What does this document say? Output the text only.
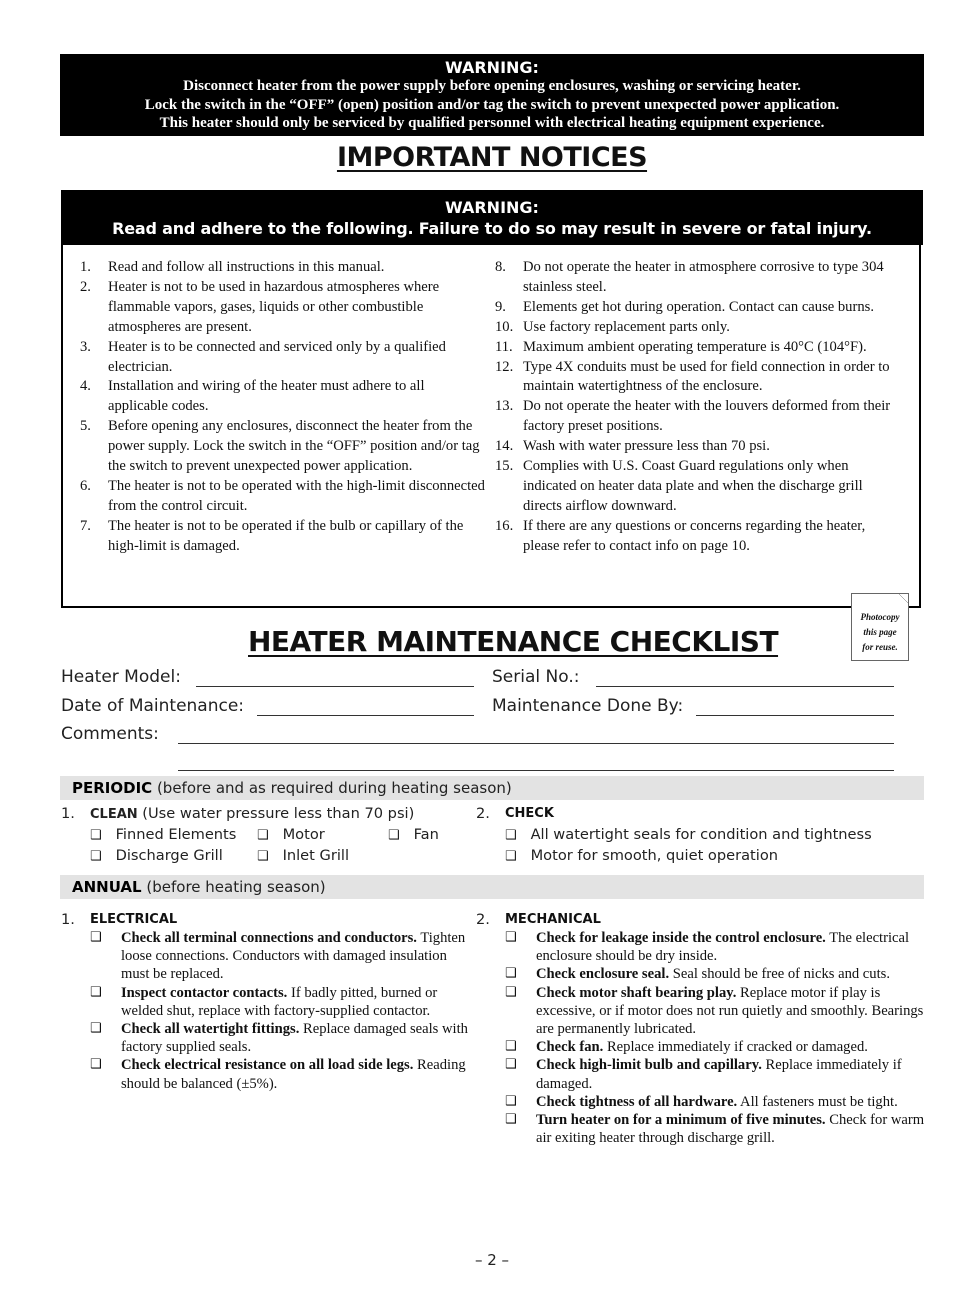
WARNING:
Disconnect heater from the power supply before opening enclosures, washing or servicing heater.
Lock the switch in the “OFF” (open) position and/or tag the switch to prevent unexpected power application.
This heater should only be serviced by qualified personnel with electrical heating equipment experience.
IMPORTANT NOTICES
WARNING:
Read and adhere to the following. Failure to do so may result in severe or fatal injury.
1. Read and follow all instructions in this manual.
2. Heater is not to be used in hazardous atmospheres where flammable vapors, gases, liquids or other combustible atmospheres are present.
3. Heater is to be connected and serviced only by a qualified electrician.
4. Installation and wiring of the heater must adhere to all applicable codes.
5. Before opening any enclosures, disconnect the heater from the power supply. Lock the switch in the “OFF” position and/or tag the switch to prevent unexpected power application.
6. The heater is not to be operated with the high-limit disconnected from the control circuit.
7. The heater is not to be operated if the bulb or capillary of the high-limit is damaged.
8. Do not operate the heater in atmosphere corrosive to type 304 stainless steel.
9. Elements get hot during operation. Contact can cause burns.
10. Use factory replacement parts only.
11. Maximum ambient operating temperature is 40°C (104°F).
12. Type 4X conduits must be used for field connection in order to maintain watertightness of the enclosure.
13. Do not operate the heater with the louvers deformed from their factory preset positions.
14. Wash with water pressure less than 70 psi.
15. Complies with U.S. Coast Guard regulations only when indicated on heater data plate and when the discharge grill directs airflow downward.
16. If there are any questions or concerns regarding the heater, please refer to contact info on page 10.
Photocopy
this page
for reuse.
HEATER MAINTENANCE CHECKLIST
Heater Model:	Serial No.:
Date of Maintenance:	Maintenance Done By:
Comments:
PERIODIC (before and as required during heating season)
1. CLEAN (Use water pressure less than 70 psi)
❑ Finned Elements ❑ Motor	❑ Fan
❑ Discharge Grill	❑ Inlet Grill
2. CHECK
❑ All watertight seals for condition and tightness
❑ Motor for smooth, quiet operation
ANNUAL (before heating season)
1. ELECTRICAL
❑ Check all terminal connections and conductors. Tighten loose connections. Conductors with damaged insulation must be replaced.
❑ Inspect contactor contacts. If badly pitted, burned or welded shut, replace with factory-supplied contactor.
❑ Check all watertight fittings. Replace damaged seals with factory supplied seals.
❑ Check electrical resistance on all load side legs. Reading should be balanced (±5%).
2. MECHANICAL
❑ Check for leakage inside the control enclosure. The electrical enclosure should be dry inside.
❑ Check enclosure seal. Seal should be free of nicks and cuts.
❑ Check motor shaft bearing play. Replace motor if play is excessive, or if motor does not run quietly and smoothly. Bearings are permanently lubricated.
❑ Check fan. Replace immediately if cracked or damaged.
❑ Check high-limit bulb and capillary. Replace immediately if damaged.
❑ Check tightness of all hardware. All fasteners must be tight.
❑ Turn heater on for a minimum of five minutes. Check for warm air exiting heater through discharge grill.
– 2 –
